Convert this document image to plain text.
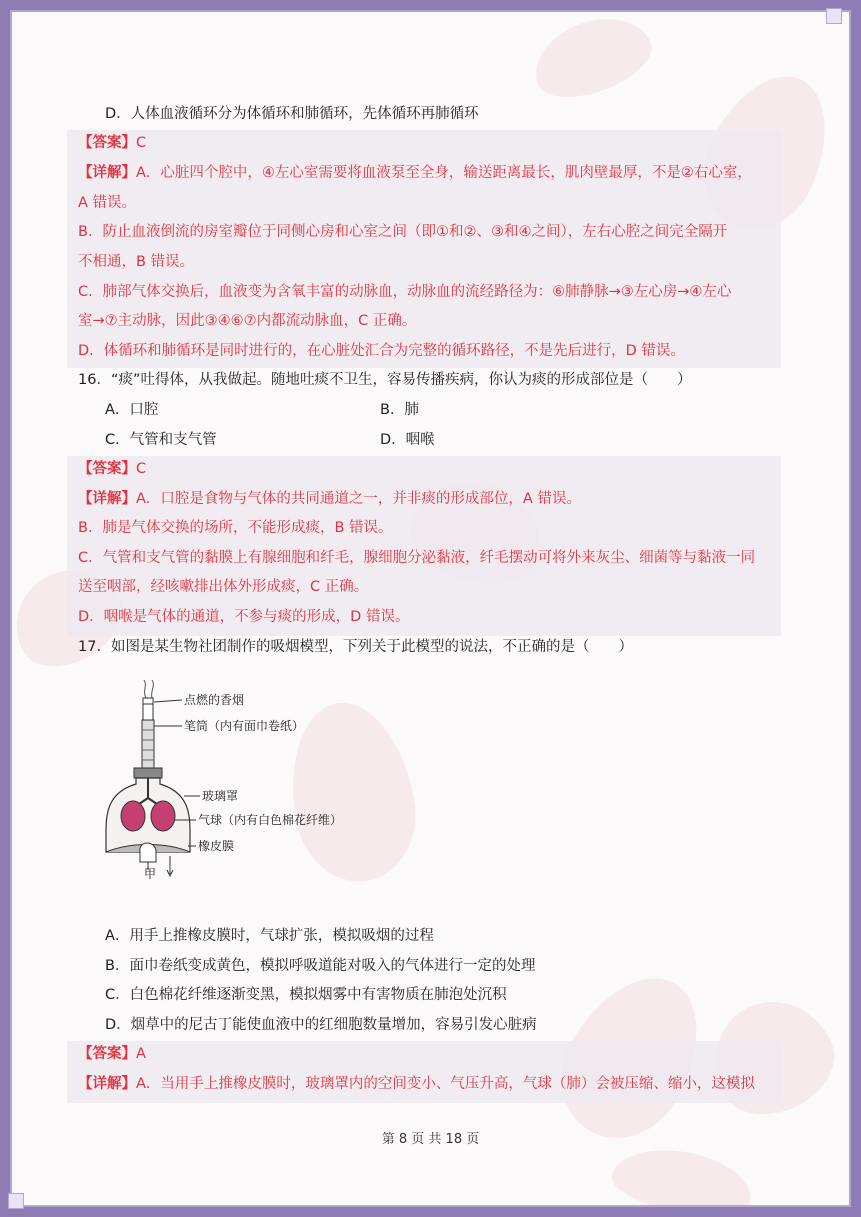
D．人体血液循环分为体循环和肺循环，先体循环再肺循环
【答案】C
【详解】A．心脏四个腔中，④左心室需要将血液泵至全身，输送距离最长，肌肉壁最厚，不是②右心室，
A 错误。
B．防止血液倒流的房室瓣位于同侧心房和心室之间（即①和②、③和④之间），左右心腔之间完全隔开
不相通，B 错误。
C．肺部气体交换后，血液变为含氧丰富的动脉血，动脉血的流经路径为：⑥肺静脉→③左心房→④左心
室→⑦主动脉，因此③④⑥⑦内都流动脉血，C 正确。
D．体循环和肺循环是同时进行的，在心脏处汇合为完整的循环路径，不是先后进行，D 错误。
16．“痰”吐得体，从我做起。随地吐痰不卫生，容易传播疾病，你认为痰的形成部位是（　　）
A．口腔	B．肺
C．气管和支气管	D．咽喉
【答案】C
【详解】A．口腔是食物与气体的共同通道之一，并非痰的形成部位，A 错误。
B．肺是气体交换的场所，不能形成痰，B 错误。
C．气管和支气管的黏膜上有腺细胞和纤毛，腺细胞分泌黏液，纤毛摆动可将外来灰尘、细菌等与黏液一同
送至咽部，经咳嗽排出体外形成痰，C 正确。
D．咽喉是气体的通道，不参与痰的形成，D 错误。
17．如图是某生物社团制作的吸烟模型，下列关于此模型的说法，不正确的是（　　）
点燃的香烟
笔筒（内有面巾卷纸）
玻璃罩
气球（内有白色棉花纤维）
橡皮膜
甲
A．用手上推橡皮膜时，气球扩张，模拟吸烟的过程
B．面巾卷纸变成黄色，模拟呼吸道能对吸入的气体进行一定的处理
C．白色棉花纤维逐渐变黑，模拟烟雾中有害物质在肺泡处沉积
D．烟草中的尼古丁能使血液中的红细胞数量增加，容易引发心脏病
【答案】A
【详解】A．当用手上推橡皮膜时，玻璃罩内的空间变小、气压升高，气球（肺）会被压缩、缩小，这模拟
第 8 页 共 18 页
